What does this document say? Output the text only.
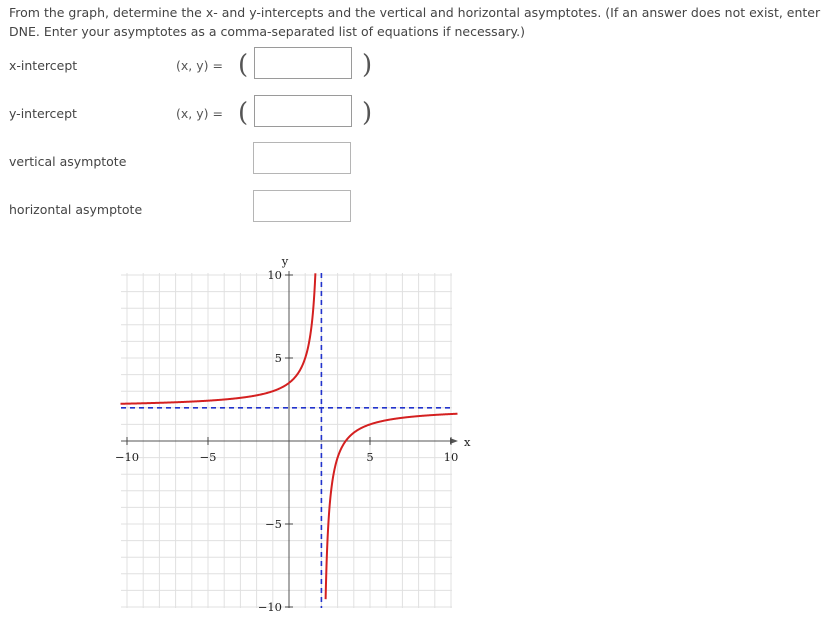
From the graph, determine the x- and y-intercepts and the vertical and horizontal asymptotes. (If an answer does not exist, enter DNE. Enter your asymptotes as a comma-separated list of equations if necessary.)
x-intercept	(x, y) = (	)
y-intercept	(x, y) = (	)
vertical asymptote
horizontal asymptote
−10	−5	5	10
10
5
−5
−10
y
x
